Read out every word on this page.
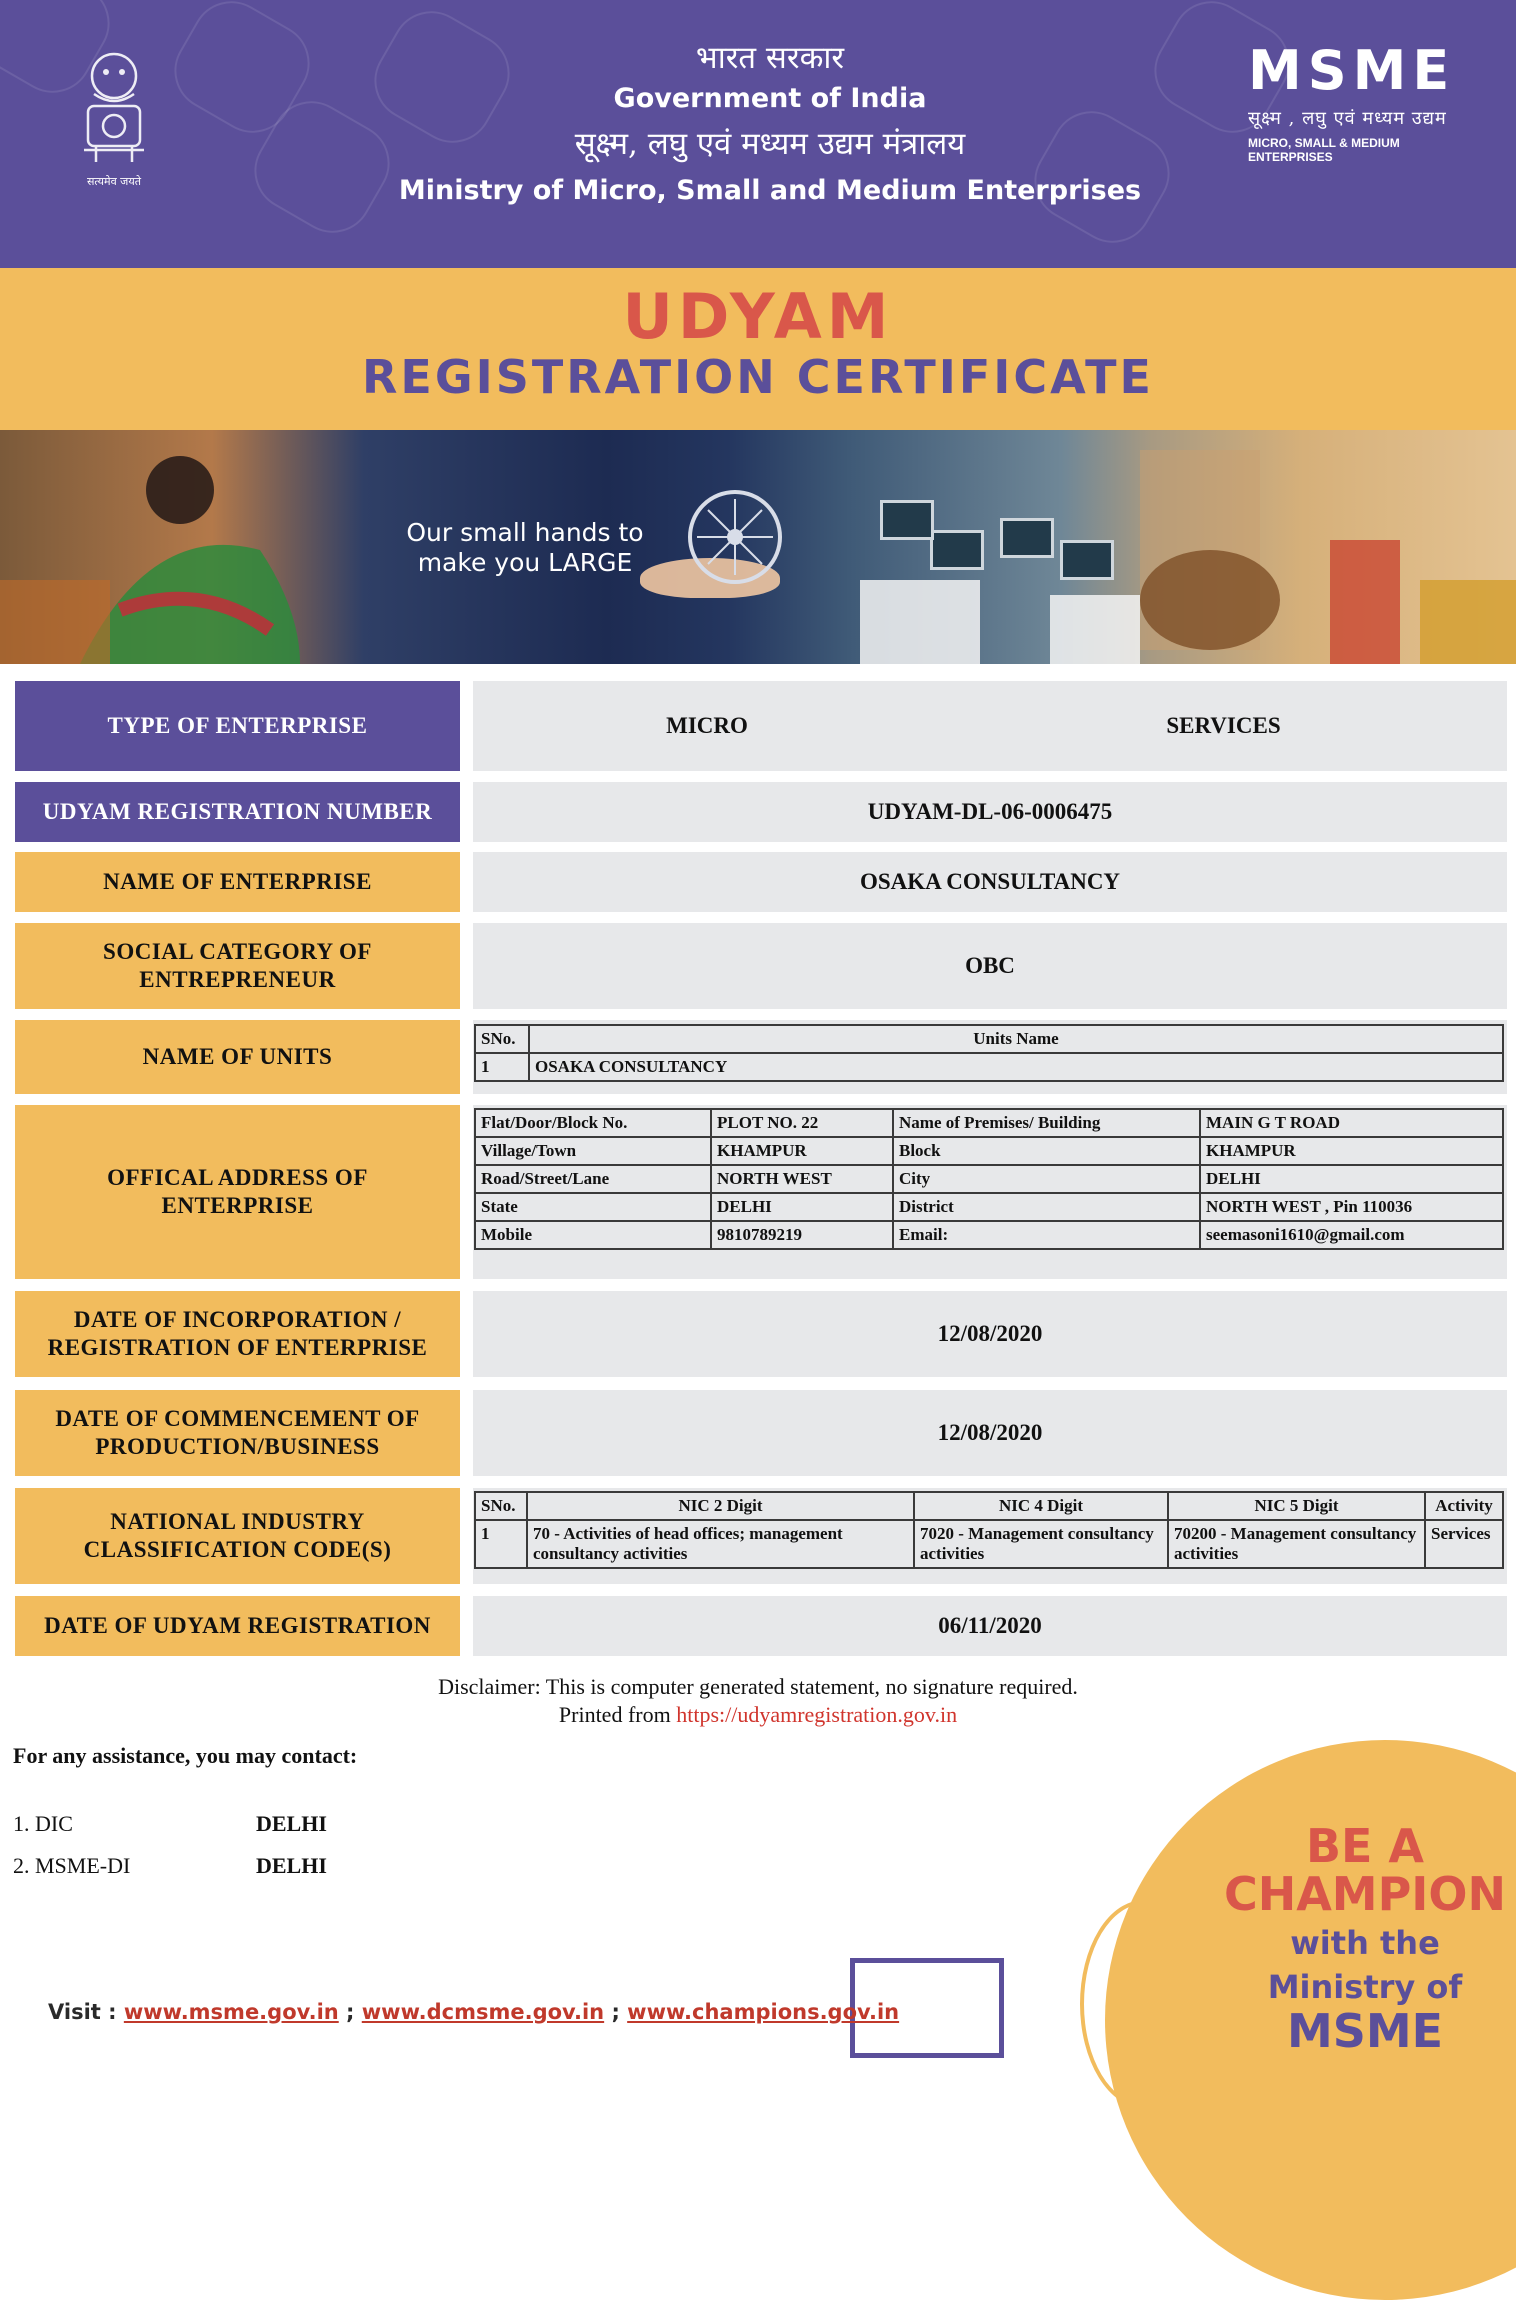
सत्यमेव जयते
भारत सरकार
Government of India
सूक्ष्म, लघु एवं मध्यम उद्यम मंत्रालय
Ministry of Micro, Small and Medium Enterprises
MSME
सूक्ष्म , लघु एवं मध्यम उद्यम
MICRO, SMALL & MEDIUM ENTERPRISES
UDYAM
REGISTRATION CERTIFICATE
Our small hands to
make you LARGE
TYPE OF ENTERPRISE	MICRO	SERVICES
UDYAM REGISTRATION NUMBER	UDYAM-DL-06-0006475
NAME OF ENTERPRISE	OSAKA CONSULTANCY
SOCIAL CATEGORY OF
ENTREPRENEUR
OBC
NAME OF UNITS
SNo.	Units Name
1	OSAKA CONSULTANCY
OFFICAL ADDRESS OF
ENTERPRISE
Flat/Door/Block No.	PLOT NO. 22	Name of Premises/ Building	MAIN G T ROAD
Village/Town	KHAMPUR	Block	KHAMPUR
Road/Street/Lane	NORTH WEST	City	DELHI
State	DELHI	District	NORTH WEST , Pin 110036
Mobile	9810789219	Email:	seemasoni1610@gmail.com
DATE OF INCORPORATION /
REGISTRATION OF ENTERPRISE
12/08/2020
DATE OF COMMENCEMENT OF
PRODUCTION/BUSINESS
12/08/2020
NATIONAL INDUSTRY
CLASSIFICATION CODE(S)
SNo.	NIC 2 Digit	NIC 4 Digit	NIC 5 Digit	Activity
1	70 - Activities of head offices; management consultancy activities	7020 - Management consultancy activities	70200 - Management consultancy activities	Services
DATE OF UDYAM REGISTRATION	06/11/2020
Disclaimer: This is computer generated statement, no signature required.
Printed from https://udyamregistration.gov.in
For any assistance, you may contact:
1. DIC	DELHI
2. MSME-DI	DELHI	BE A
CHAMPION
with the
Ministry of
MSME
Visit : www.msme.gov.in ; www.dcmsme.gov.in ; www.champions.gov.in
